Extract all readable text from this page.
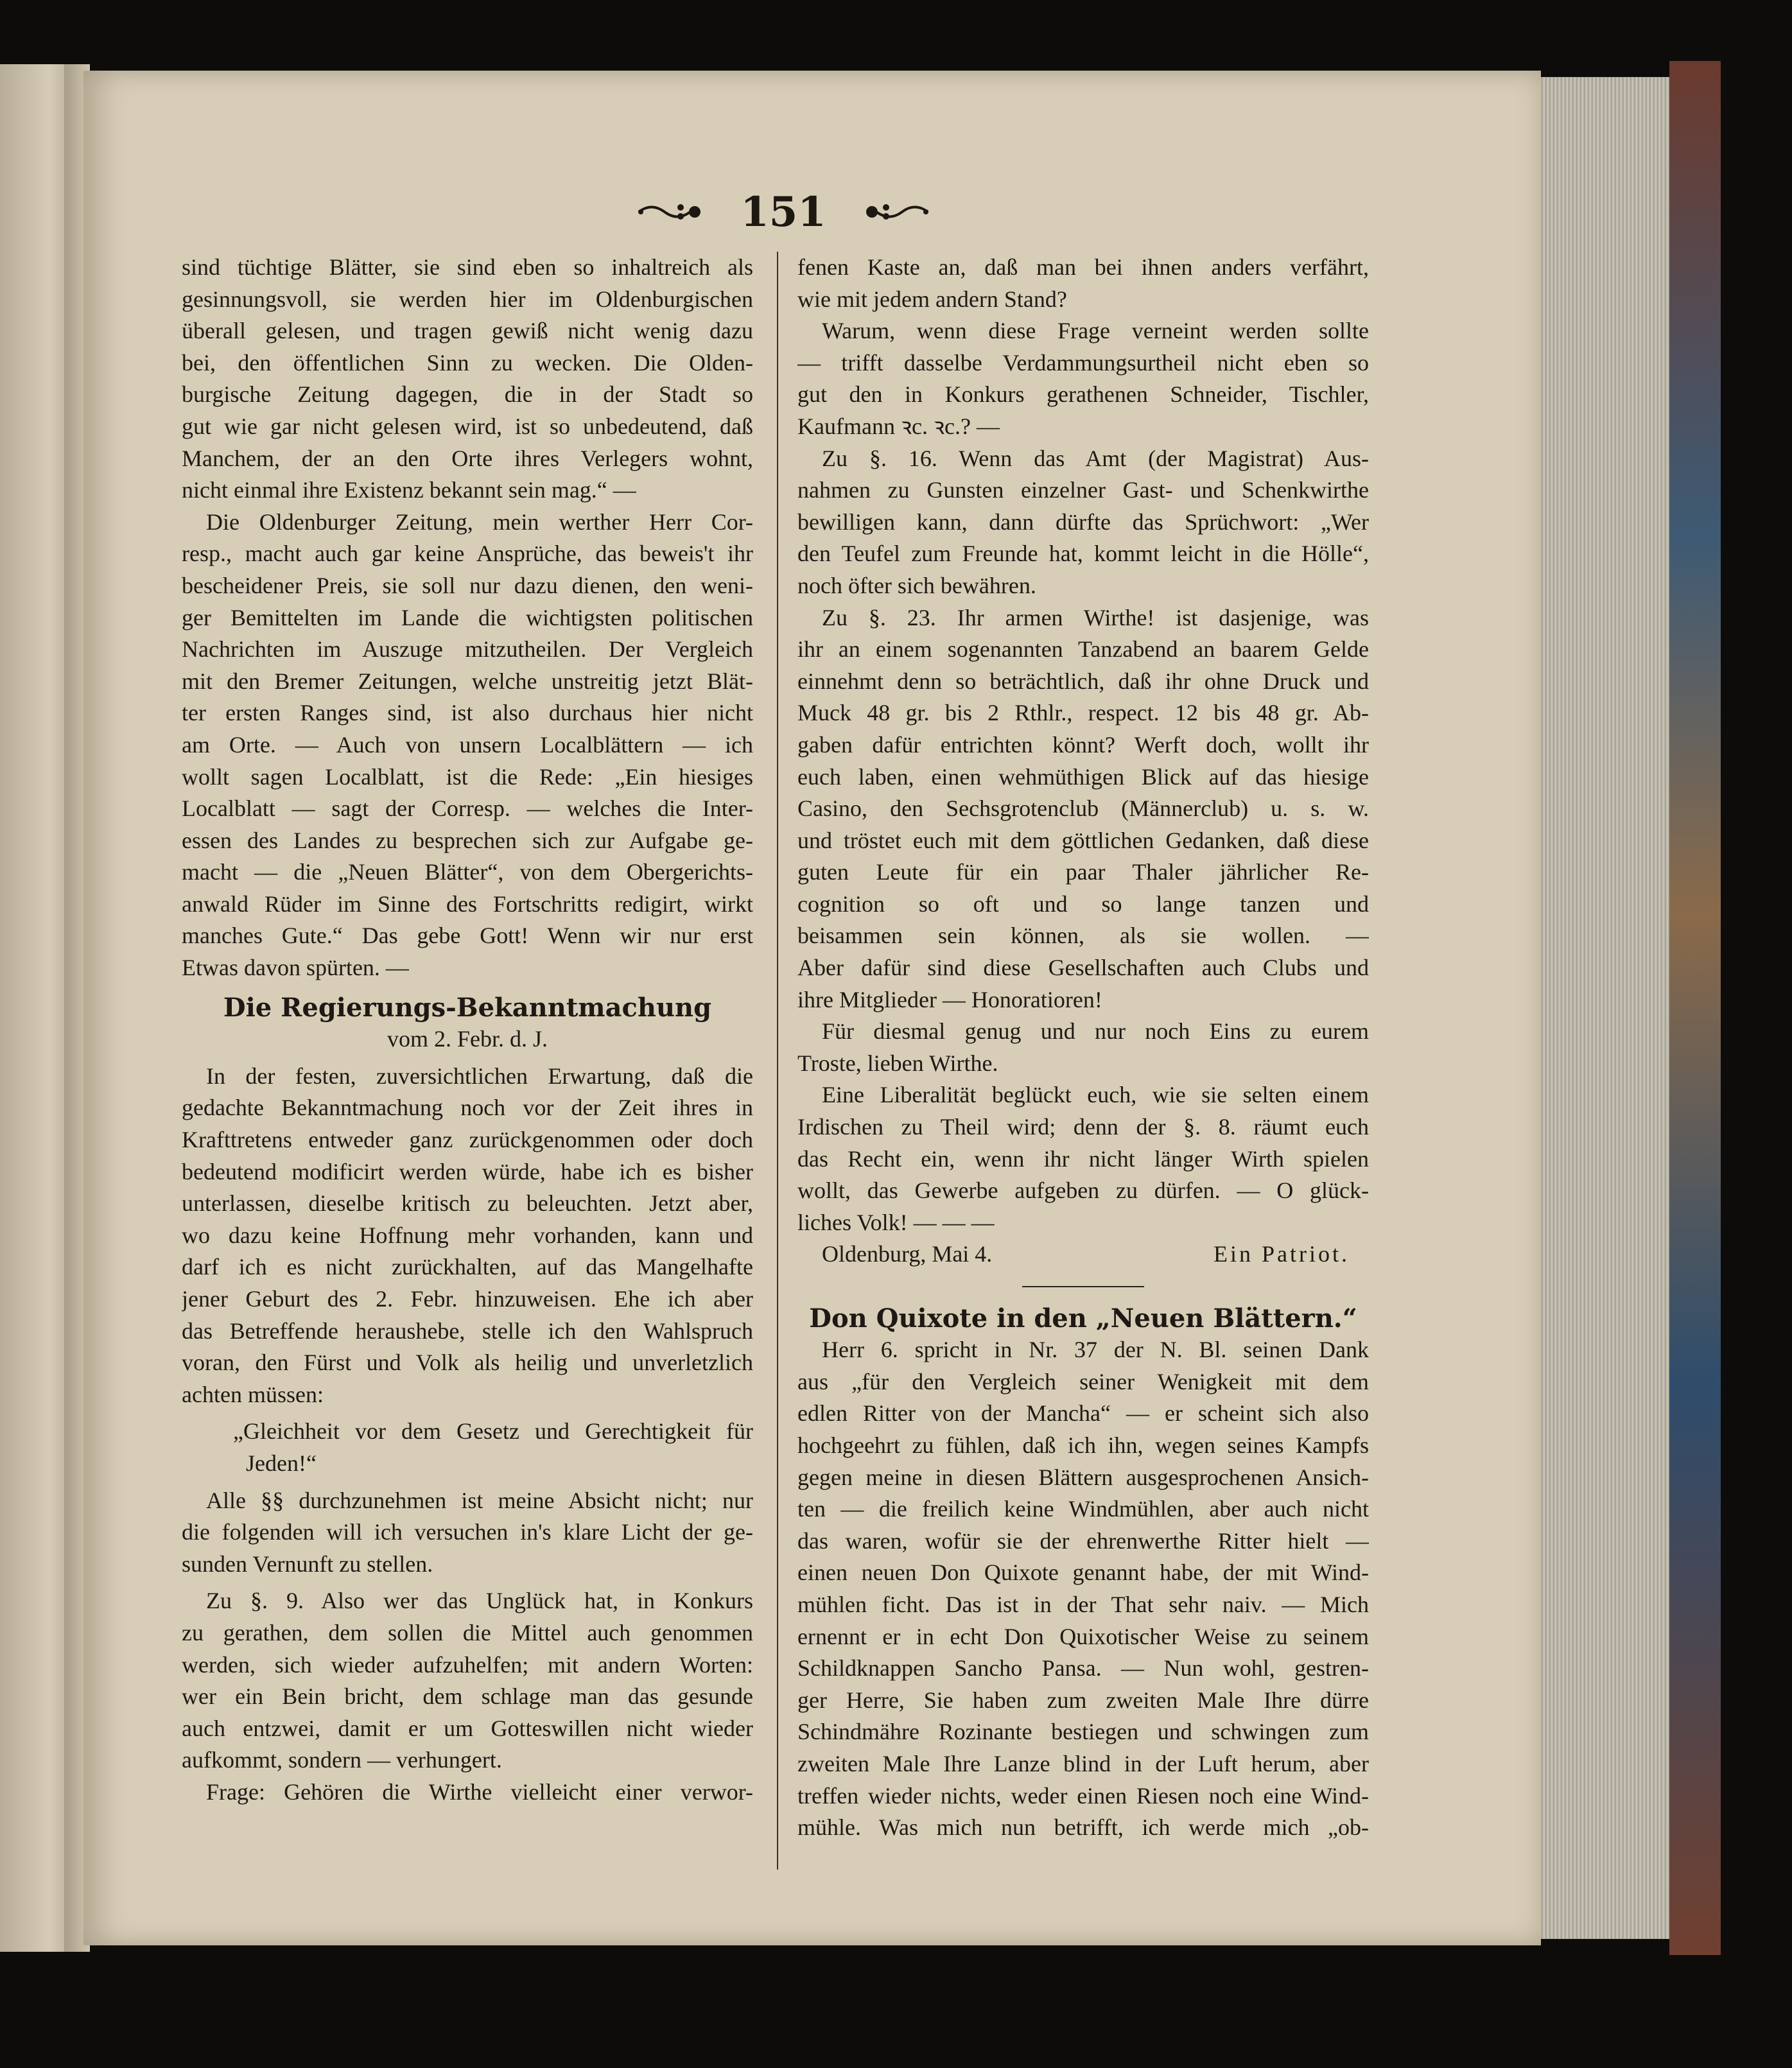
151
sind tüchtige Blätter, sie sind eben so inhaltreich als
gesinnungsvoll, sie werden hier im Oldenburgischen
überall gelesen, und tragen gewiß nicht wenig dazu
bei, den öffentlichen Sinn zu wecken. Die Olden-
burgische Zeitung dagegen, die in der Stadt so
gut wie gar nicht gelesen wird, ist so unbedeutend, daß
Manchem, der an den Orte ihres Verlegers wohnt,
nicht einmal ihre Existenz bekannt sein mag.“ —
Die Oldenburger Zeitung, mein werther Herr Cor-
resp., macht auch gar keine Ansprüche, das beweis't ihr
bescheidener Preis, sie soll nur dazu dienen, den weni-
ger Bemittelten im Lande die wichtigsten politischen
Nachrichten im Auszuge mitzutheilen. Der Vergleich
mit den Bremer Zeitungen, welche unstreitig jetzt Blät-
ter ersten Ranges sind, ist also durchaus hier nicht
am Orte. — Auch von unsern Localblättern — ich
wollt sagen Localblatt, ist die Rede: „Ein hiesiges
Localblatt — sagt der Corresp. — welches die Inter-
essen des Landes zu besprechen sich zur Aufgabe ge-
macht — die „Neuen Blätter“, von dem Obergerichts-
anwald Rüder im Sinne des Fortschritts redigirt, wirkt
manches Gute.“ Das gebe Gott! Wenn wir nur erst
Etwas davon spürten. —
Die Regierungs-Bekanntmachung
vom 2. Febr. d. J.
In der festen, zuversichtlichen Erwartung, daß die
gedachte Bekanntmachung noch vor der Zeit ihres in
Krafttretens entweder ganz zurückgenommen oder doch
bedeutend modificirt werden würde, habe ich es bisher
unterlassen, dieselbe kritisch zu beleuchten. Jetzt aber,
wo dazu keine Hoffnung mehr vorhanden, kann und
darf ich es nicht zurückhalten, auf das Mangelhafte
jener Geburt des 2. Febr. hinzuweisen. Ehe ich aber
das Betreffende heraushebe, stelle ich den Wahlspruch
voran, den Fürst und Volk als heilig und unverletzlich
achten müssen:
„Gleichheit vor dem Gesetz und Gerechtigkeit für
Jeden!“
Alle §§ durchzunehmen ist meine Absicht nicht; nur
die folgenden will ich versuchen in's klare Licht der ge-
sunden Vernunft zu stellen.
Zu §. 9. Also wer das Unglück hat, in Konkurs
zu gerathen, dem sollen die Mittel auch genommen
werden, sich wieder aufzuhelfen; mit andern Worten:
wer ein Bein bricht, dem schlage man das gesunde
auch entzwei, damit er um Gotteswillen nicht wieder
aufkommt, sondern — verhungert.
Frage: Gehören die Wirthe vielleicht einer verwor-
fenen Kaste an, daß man bei ihnen anders verfährt,
wie mit jedem andern Stand?
Warum, wenn diese Frage verneint werden sollte
— trifft dasselbe Verdammungsurtheil nicht eben so
gut den in Konkurs gerathenen Schneider, Tischler,
Kaufmann ꝛc. ꝛc.? —
Zu §. 16. Wenn das Amt (der Magistrat) Aus-
nahmen zu Gunsten einzelner Gast- und Schenkwirthe
bewilligen kann, dann dürfte das Sprüchwort: „Wer
den Teufel zum Freunde hat, kommt leicht in die Hölle“,
noch öfter sich bewähren.
Zu §. 23. Ihr armen Wirthe! ist dasjenige, was
ihr an einem sogenannten Tanzabend an baarem Gelde
einnehmt denn so beträchtlich, daß ihr ohne Druck und
Muck 48 gr. bis 2 Rthlr., respect. 12 bis 48 gr. Ab-
gaben dafür entrichten könnt? Werft doch, wollt ihr
euch laben, einen wehmüthigen Blick auf das hiesige
Casino, den Sechsgrotenclub (Männerclub) u. s. w.
und tröstet euch mit dem göttlichen Gedanken, daß diese
guten Leute für ein paar Thaler jährlicher Re-
cognition so oft und so lange tanzen und
beisammen sein können, als sie wollen. —
Aber dafür sind diese Gesellschaften auch Clubs und
ihre Mitglieder — Honoratioren!
Für diesmal genug und nur noch Eins zu eurem
Troste, lieben Wirthe.
Eine Liberalität beglückt euch, wie sie selten einem
Irdischen zu Theil wird; denn der §. 8. räumt euch
das Recht ein, wenn ihr nicht länger Wirth spielen
wollt, das Gewerbe aufgeben zu dürfen. — O glück-
liches Volk! — — —
Oldenburg, Mai 4.	Ein Patriot.
Don Quixote in den „Neuen Blättern.“
Herr 6. spricht in Nr. 37 der N. Bl. seinen Dank
aus „für den Vergleich seiner Wenigkeit mit dem
edlen Ritter von der Mancha“ — er scheint sich also
hochgeehrt zu fühlen, daß ich ihn, wegen seines Kampfs
gegen meine in diesen Blättern ausgesprochenen Ansich-
ten — die freilich keine Windmühlen, aber auch nicht
das waren, wofür sie der ehrenwerthe Ritter hielt —
einen neuen Don Quixote genannt habe, der mit Wind-
mühlen ficht. Das ist in der That sehr naiv. — Mich
ernennt er in echt Don Quixotischer Weise zu seinem
Schildknappen Sancho Pansa. — Nun wohl, gestren-
ger Herre, Sie haben zum zweiten Male Ihre dürre
Schindmähre Rozinante bestiegen und schwingen zum
zweiten Male Ihre Lanze blind in der Luft herum, aber
treffen wieder nichts, weder einen Riesen noch eine Wind-
mühle. Was mich nun betrifft, ich werde mich „ob-
